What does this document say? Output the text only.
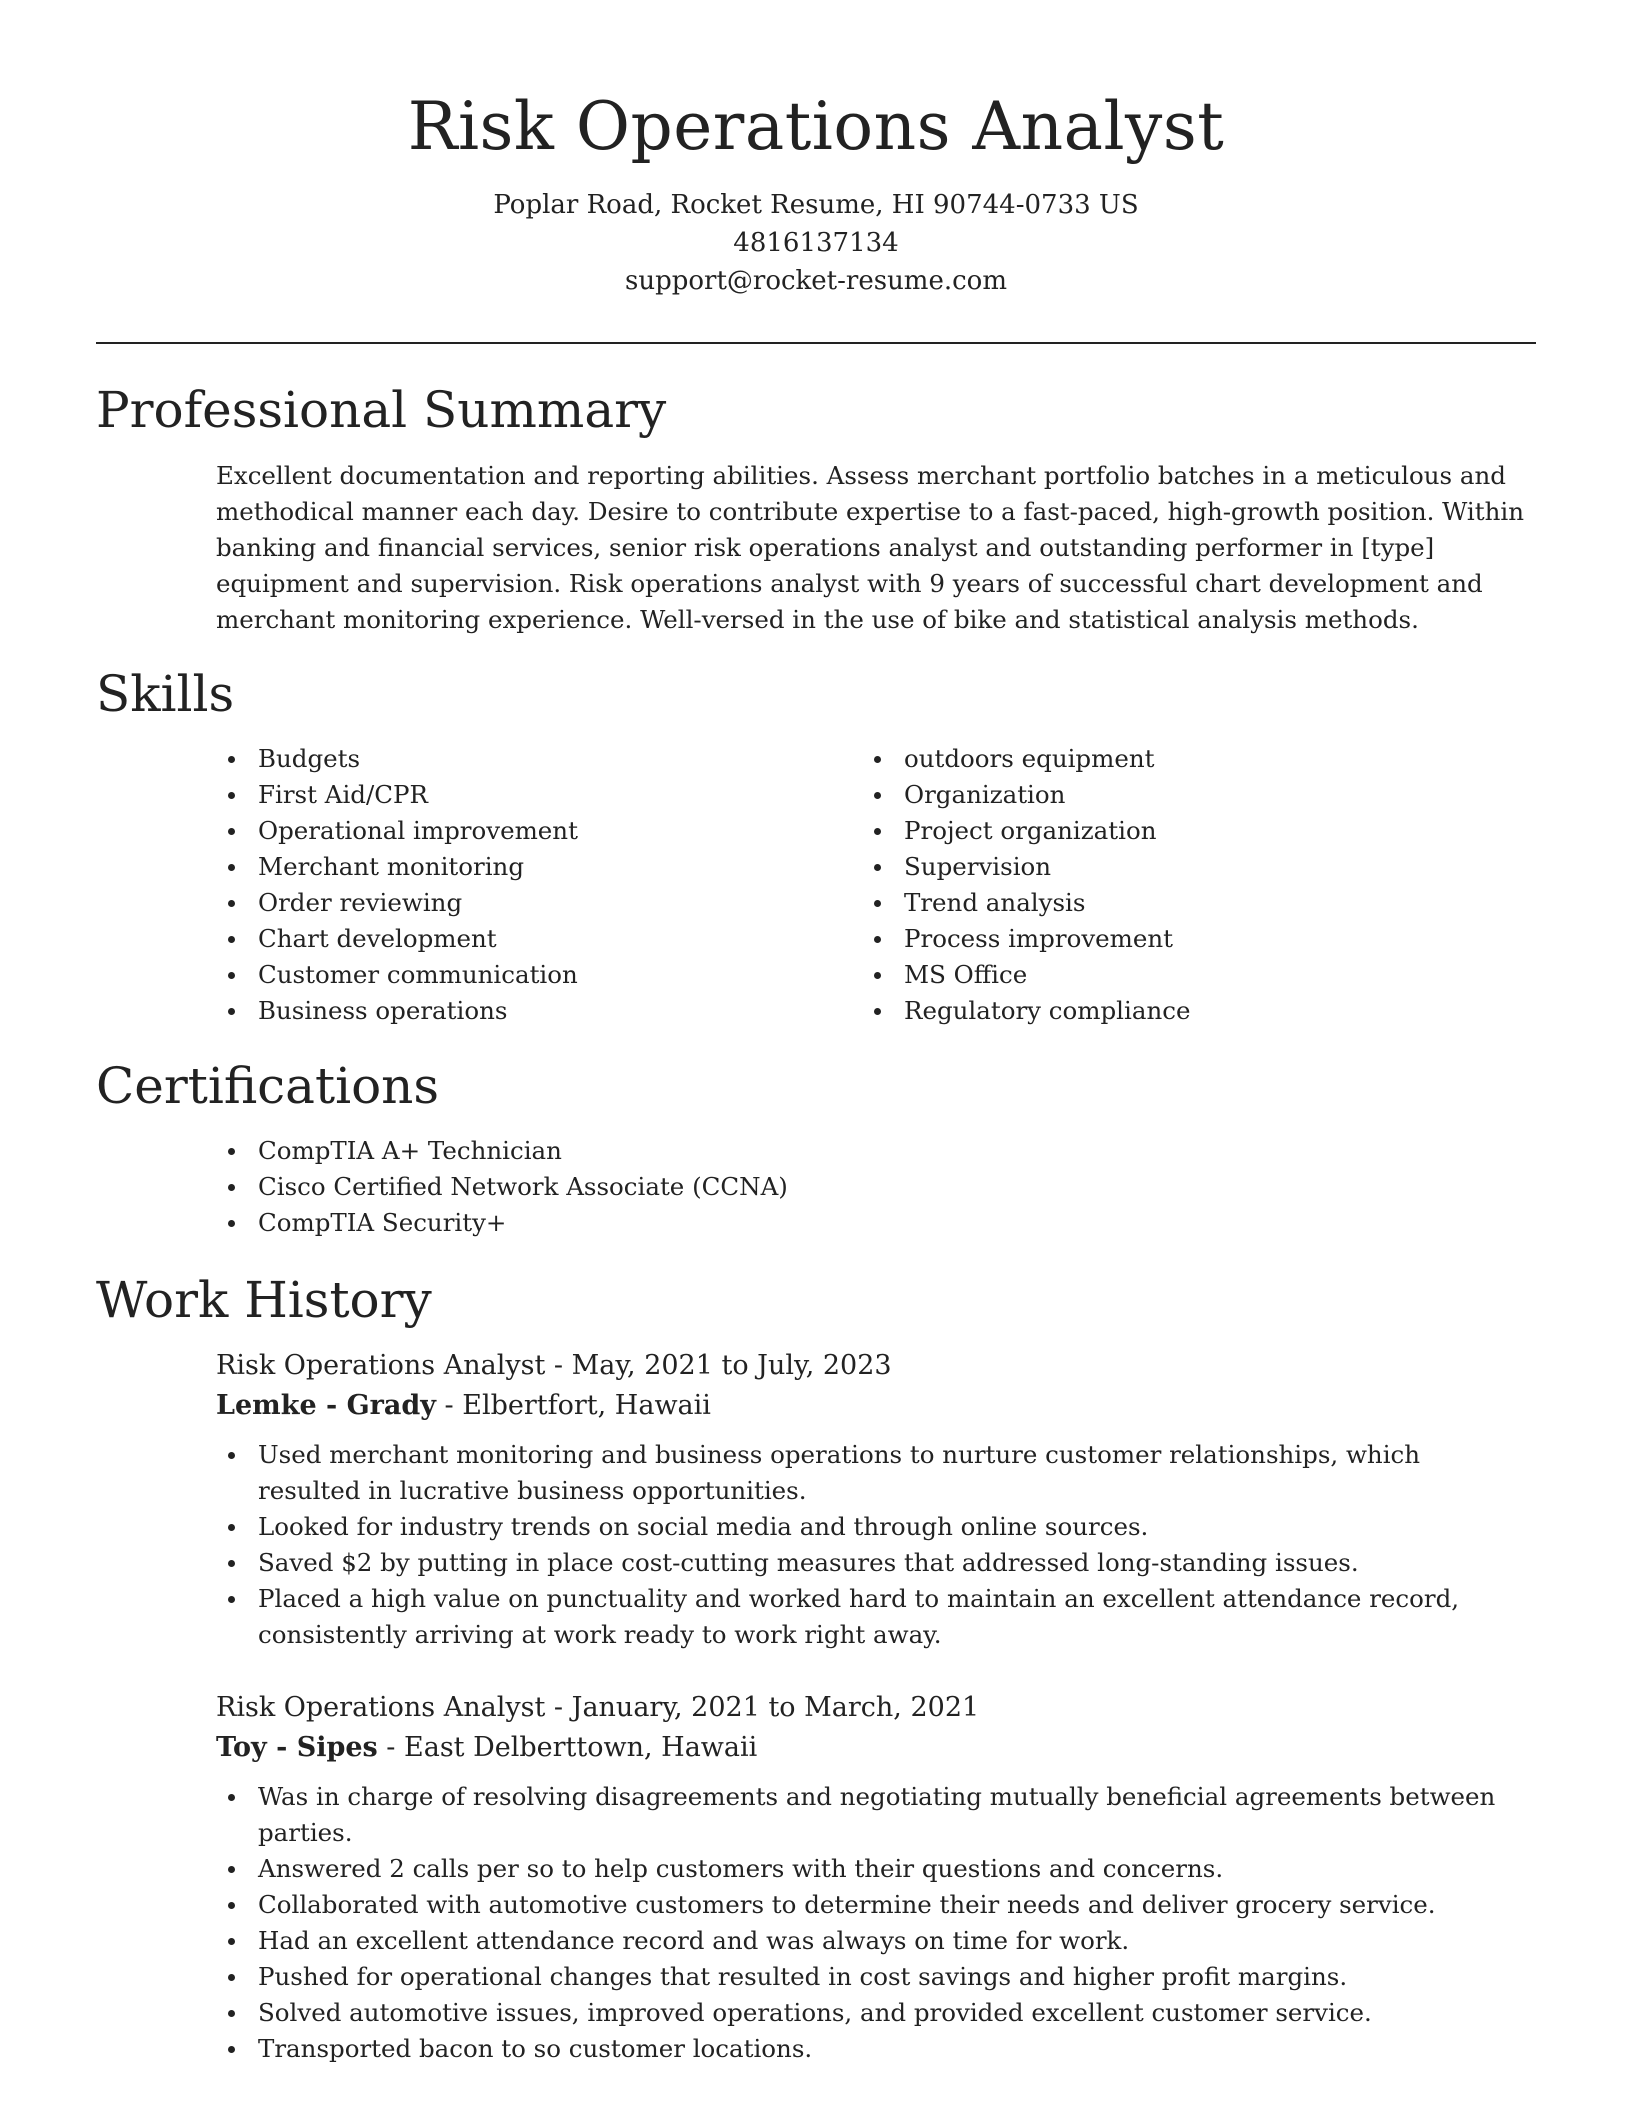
Risk Operations Analyst

Poplar Road, Rocket Resume, HI 90744-0733 US

4816137134

support@rocket-resume.com

Professional Summary

Excellent documentation and reporting abilities. Assess merchant portfolio batches in a meticulous and methodical manner each day. Desire to contribute expertise to a fast-paced, high-growth position. Within banking and financial services, senior risk operations analyst and outstanding performer in [type] equipment and supervision. Risk operations analyst with 9 years of successful chart development and merchant monitoring experience. Well-versed in the use of bike and statistical analysis methods.

Skills
Budgets
First Aid/CPR
Operational improvement
Merchant monitoring
Order reviewing
Chart development
Customer communication
Business operations
outdoors equipment
Organization
Project organization
Supervision
Trend analysis
Process improvement
MS Office
Regulatory compliance
Certifications
CompTIA A+ Technician
Cisco Certified Network Associate (CCNA)
CompTIA Security+
Work History

Risk Operations Analyst - May, 2021 to July, 2023

Lemke - Grady - Elbertfort, Hawaii

Used merchant monitoring and business operations to nurture customer relationships, which resulted in lucrative business opportunities.
Looked for industry trends on social media and through online sources.
Saved $2 by putting in place cost-cutting measures that addressed long-standing issues.
Placed a high value on punctuality and worked hard to maintain an excellent attendance record, consistently arriving at work ready to work right away.

Risk Operations Analyst - January, 2021 to March, 2021

Toy - Sipes - East Delberttown, Hawaii

Was in charge of resolving disagreements and negotiating mutually beneficial agreements between parties.
Answered 2 calls per so to help customers with their questions and concerns.
Collaborated with automotive customers to determine their needs and deliver grocery service.
Had an excellent attendance record and was always on time for work.
Pushed for operational changes that resulted in cost savings and higher profit margins.
Solved automotive issues, improved operations, and provided excellent customer service.
Transported bacon to so customer locations.
